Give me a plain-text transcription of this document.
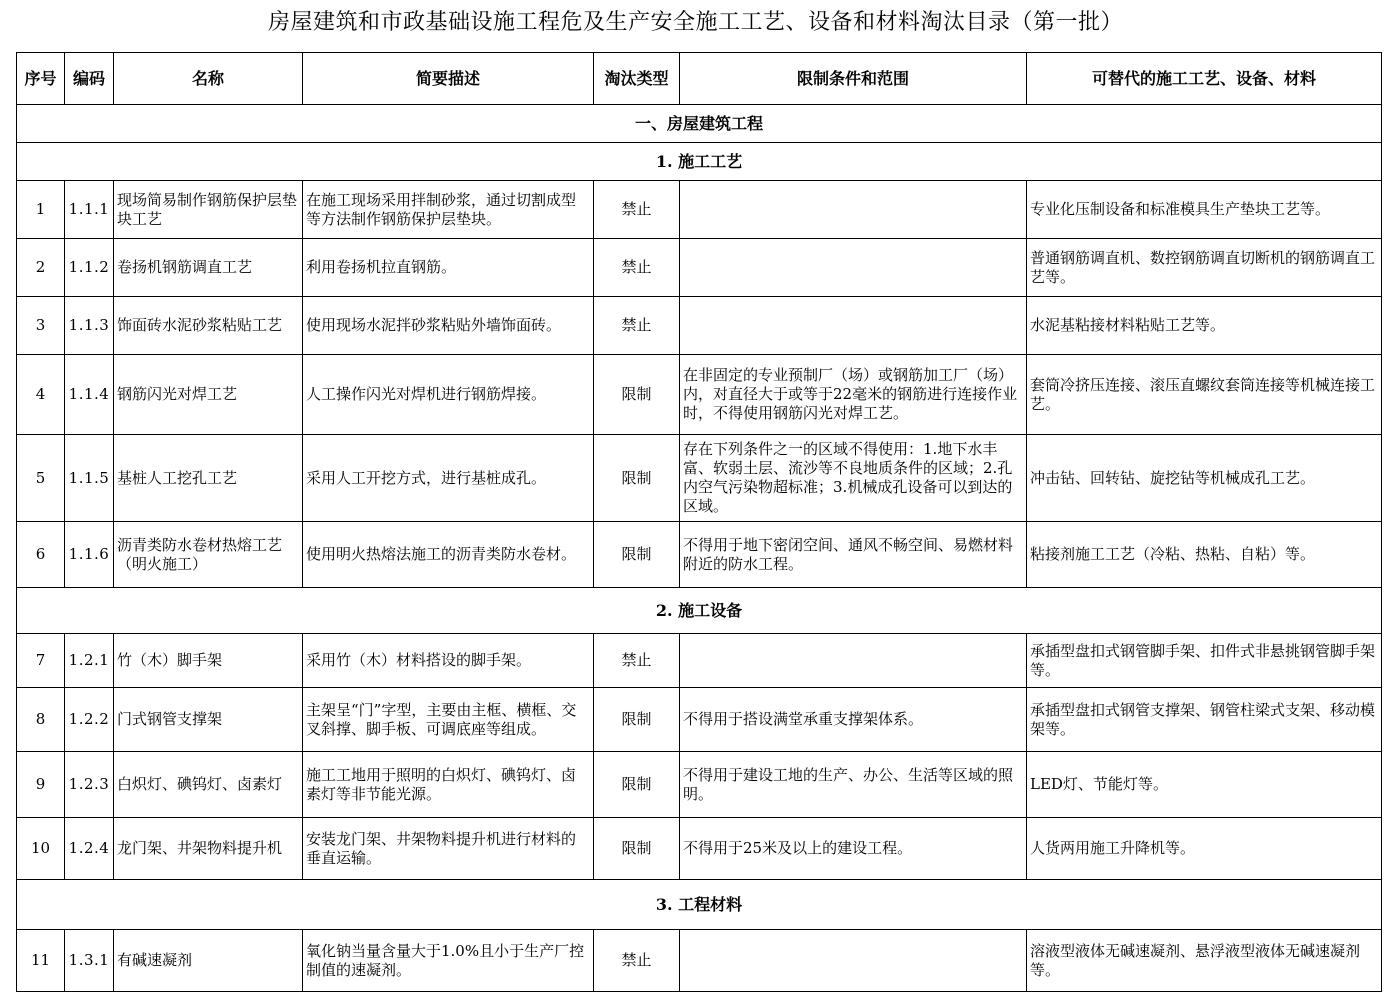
房屋建筑和市政基础设施工程危及生产安全施工工艺、设备和材料淘汰目录（第一批）
序号	编码	名称	简要描述	淘汰类型	限制条件和范围	可替代的施工工艺、设备、材料
一、房屋建筑工程						
1. 施工工艺						
1	1.1.1	现场简易制作钢筋保护层垫块工艺	在施工现场采用拌制砂浆，通过切割成型等方法制作钢筋保护层垫块。	禁止		专业化压制设备和标准模具生产垫块工艺等。
2	1.1.2	卷扬机钢筋调直工艺	利用卷扬机拉直钢筋。	禁止		普通钢筋调直机、数控钢筋调直切断机的钢筋调直工艺等。
3	1.1.3	饰面砖水泥砂浆粘贴工艺	使用现场水泥拌砂浆粘贴外墙饰面砖。	禁止		水泥基粘接材料粘贴工艺等。
4	1.1.4	钢筋闪光对焊工艺	人工操作闪光对焊机进行钢筋焊接。	限制	在非固定的专业预制厂（场）或钢筋加工厂（场）内，对直径大于或等于22毫米的钢筋进行连接作业时，不得使用钢筋闪光对焊工艺。	套筒冷挤压连接、滚压直螺纹套筒连接等机械连接工艺。
5	1.1.5	基桩人工挖孔工艺	采用人工开挖方式，进行基桩成孔。	限制	存在下列条件之一的区域不得使用：1.地下水丰富、软弱土层、流沙等不良地质条件的区域；2.孔内空气污染物超标准；3.机械成孔设备可以到达的区域。	冲击钻、回转钻、旋挖钻等机械成孔工艺。
6	1.1.6	沥青类防水卷材热熔工艺（明火施工）	使用明火热熔法施工的沥青类防水卷材。	限制	不得用于地下密闭空间、通风不畅空间、易燃材料附近的防水工程。	粘接剂施工工艺（冷粘、热粘、自粘）等。
2. 施工设备						
7	1.2.1	竹（木）脚手架	采用竹（木）材料搭设的脚手架。	禁止		承插型盘扣式钢管脚手架、扣件式非悬挑钢管脚手架等。
8	1.2.2	门式钢管支撑架	主架呈“门”字型，主要由主框、横框、交叉斜撑、脚手板、可调底座等组成。	限制	不得用于搭设满堂承重支撑架体系。	承插型盘扣式钢管支撑架、钢管柱梁式支架、移动模架等。
9	1.2.3	白炽灯、碘钨灯、卤素灯	施工工地用于照明的白炽灯、碘钨灯、卤素灯等非节能光源。	限制	不得用于建设工地的生产、办公、生活等区域的照明。	LED灯、节能灯等。
10	1.2.4	龙门架、井架物料提升机	安装龙门架、井架物料提升机进行材料的垂直运输。	限制	不得用于25米及以上的建设工程。	人货两用施工升降机等。
3. 工程材料						
11	1.3.1	有碱速凝剂	氧化钠当量含量大于1.0%且小于生产厂控制值的速凝剂。	禁止		溶液型液体无碱速凝剂、悬浮液型液体无碱速凝剂等。
